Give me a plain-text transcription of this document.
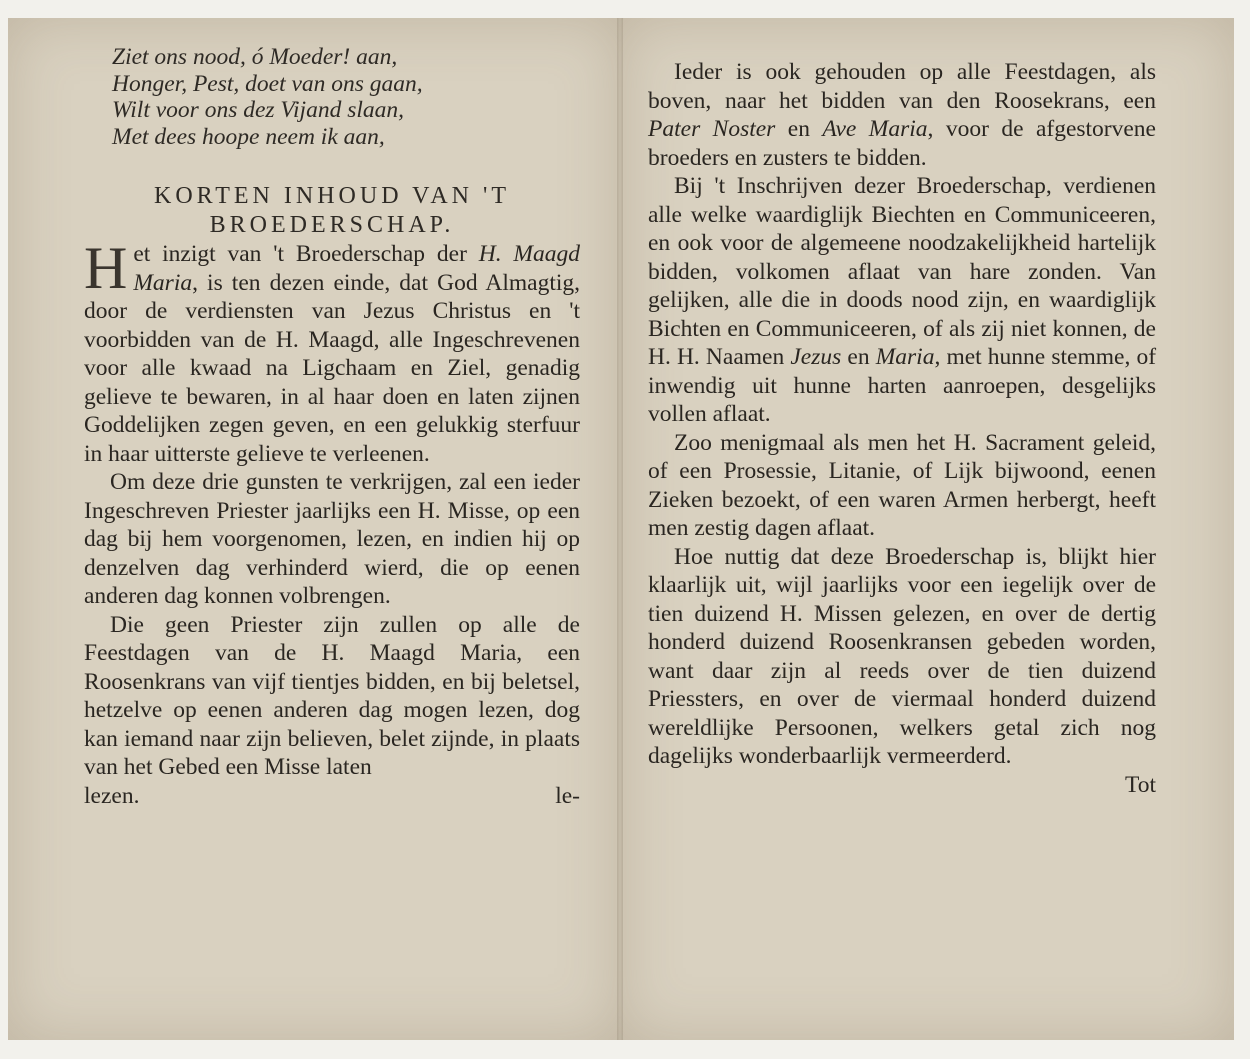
Ziet ons nood, ó Moeder! aan,
Honger, Pest, doet van ons gaan,
Wilt voor ons dez Vijand slaan,
Met dees hoope neem ik aan,
KORTEN INHOUD VAN 'T
BROEDERSCHAP.

Het inzigt van 't Broederschap der H. Maagd Maria, is ten dezen einde, dat God Almagtig, door de verdiensten van Jezus Christus en 't voorbidden van de H. Maagd, alle Ingeschrevenen voor alle kwaad na Ligchaam en Ziel, genadig gelieve te bewaren, in al haar doen en laten zijnen Goddelijken zegen geven, en een gelukkig sterfuur in haar uitterste gelieve te verleenen.

Om deze drie gunsten te verkrijgen, zal een ieder Ingeschreven Priester jaarlijks een H. Misse, op een dag bij hem voorgenomen, lezen, en indien hij op denzelven dag verhinderd wierd, die op eenen anderen dag konnen volbrengen.

Die geen Priester zijn zullen op alle de Feestdagen van de H. Maagd Maria, een Roosenkrans van vijf tientjes bidden, en bij beletsel, hetzelve op eenen anderen dag mogen lezen, dog kan iemand naar zijn believen, belet zijnde, in plaats van het Gebed een Misse laten

lezen.	le-

Ieder is ook gehouden op alle Feestdagen, als boven, naar het bidden van den Roosekrans, een Pater Noster en Ave Maria, voor de afgestorvene broeders en zusters te bidden.

Bij 't Inschrijven dezer Broederschap, verdienen alle welke waardiglijk Biechten en Communiceeren, en ook voor de algemeene noodzakelijkheid hartelijk bidden, volkomen aflaat van hare zonden. Van gelijken, alle die in doods nood zijn, en waardiglijk Bichten en Communiceeren, of als zij niet konnen, de H. H. Naamen Jezus en Maria, met hunne stemme, of inwendig uit hunne harten aanroepen, desgelijks vollen aflaat.

Zoo menigmaal als men het H. Sacrament geleid, of een Prosessie, Litanie, of Lijk bijwoond, eenen Zieken bezoekt, of een waren Armen herbergt, heeft men zestig dagen aflaat.

Hoe nuttig dat deze Broederschap is, blijkt hier klaarlijk uit, wijl jaarlijks voor een iegelijk over de tien duizend H. Missen gelezen, en over de dertig honderd duizend Roosenkransen gebeden worden, want daar zijn al reeds over de tien duizend Priessters, en over de viermaal honderd duizend wereldlijke Persoonen, welkers getal zich nog dagelijks wonderbaarlijk vermeerderd.

Tot
